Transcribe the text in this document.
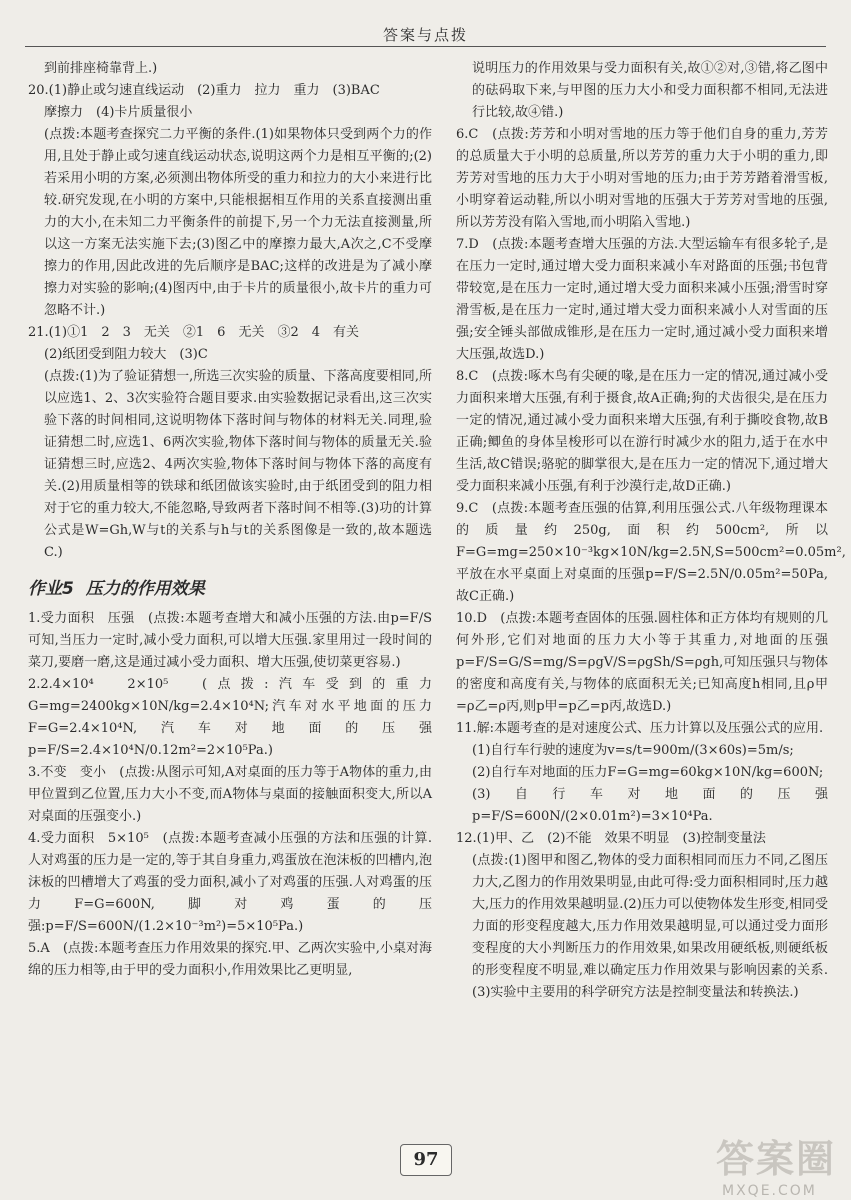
答案与点拨

到前排座椅靠背上.)

20.(1)静止或匀速直线运动　(2)重力　拉力　重力　(3)BAC

摩擦力　(4)卡片质量很小

(点拨:本题考查探究二力平衡的条件.(1)如果物体只受到两个力的作用,且处于静止或匀速直线运动状态,说明这两个力是相互平衡的;(2)若采用小明的方案,必须测出物体所受的重力和拉力的大小来进行比较.研究发现,在小明的方案中,只能根据相互作用的关系直接测出重力的大小,在未知二力平衡条件的前提下,另一个力无法直接测量,所以这一方案无法实施下去;(3)图乙中的摩擦力最大,A次之,C不受摩擦力的作用,因此改进的先后顺序是BAC;这样的改进是为了减小摩擦力对实验的影响;(4)图丙中,由于卡片的质量很小,故卡片的重力可忽略不计.)

21.(1)①1　2　3　无关　②1　6　无关　③2　4　有关

(2)纸团受到阻力较大　(3)C

(点拨:(1)为了验证猜想一,所选三次实验的质量、下落高度要相同,所以应选1、2、3次实验符合题目要求.由实验数据记录看出,这三次实验下落的时间相同,这说明物体下落时间与物体的材料无关.同理,验证猜想二时,应选1、6两次实验,物体下落时间与物体的质量无关.验证猜想三时,应选2、4两次实验,物体下落时间与物体下落的高度有关.(2)用质量相等的铁球和纸团做该实验时,由于纸团受到的阻力相对于它的重力较大,不能忽略,导致两者下落时间不相等.(3)功的计算公式是W=Gh,W与t的关系与h与t的关系图像是一致的,故本题选C.)

作业5 压力的作用效果

1.受力面积　压强　(点拨:本题考查增大和减小压强的方法.由p=F/S可知,当压力一定时,减小受力面积,可以增大压强.家里用过一段时间的菜刀,要磨一磨,这是通过减小受力面积、增大压强,使切菜更容易.)

2.2.4×10⁴　2×10⁵　(点拨:汽车受到的重力G=mg=2400kg×10N/kg=2.4×10⁴N;汽车对水平地面的压力F=G=2.4×10⁴N,汽车对地面的压强p=F/S=2.4×10⁴N/0.12m²=2×10⁵Pa.)

3.不变　变小　(点拨:从图示可知,A对桌面的压力等于A物体的重力,由甲位置到乙位置,压力大小不变,而A物体与桌面的接触面积变大,所以A对桌面的压强变小.)

4.受力面积　5×10⁵　(点拨:本题考查减小压强的方法和压强的计算.人对鸡蛋的压力是一定的,等于其自身重力,鸡蛋放在泡沫板的凹槽内,泡沫板的凹槽增大了鸡蛋的受力面积,减小了对鸡蛋的压强.人对鸡蛋的压力F=G=600N,脚对鸡蛋的压强:p=F/S=600N/(1.2×10⁻³m²)=5×10⁵Pa.)

5.A　(点拨:本题考查压力作用效果的探究.甲、乙两次实验中,小桌对海绵的压力相等,由于甲的受力面积小,作用效果比乙更明显,

说明压力的作用效果与受力面积有关,故①②对,③错,将乙图中的砝码取下来,与甲图的压力大小和受力面积都不相同,无法进行比较,故④错.)

6.C　(点拨:芳芳和小明对雪地的压力等于他们自身的重力,芳芳的总质量大于小明的总质量,所以芳芳的重力大于小明的重力,即芳芳对雪地的压力大于小明对雪地的压力;由于芳芳踏着滑雪板,小明穿着运动鞋,所以小明对雪地的压强大于芳芳对雪地的压强,所以芳芳没有陷入雪地,而小明陷入雪地.)

7.D　(点拨:本题考查增大压强的方法.大型运输车有很多轮子,是在压力一定时,通过增大受力面积来减小车对路面的压强;书包背带较宽,是在压力一定时,通过增大受力面积来减小压强;滑雪时穿滑雪板,是在压力一定时,通过增大受力面积来减小人对雪面的压强;安全锤头部做成锥形,是在压力一定时,通过减小受力面积来增大压强,故选D.)

8.C　(点拨:啄木鸟有尖硬的喙,是在压力一定的情况,通过减小受力面积来增大压强,有利于摄食,故A正确;狗的犬齿很尖,是在压力一定的情况,通过减小受力面积来增大压强,有利于撕咬食物,故B正确;鲫鱼的身体呈梭形可以在游行时减少水的阻力,适于在水中生活,故C错误;骆驼的脚掌很大,是在压力一定的情况下,通过增大受力面积来减小压强,有利于沙漠行走,故D正确.)

9.C　(点拨:本题考查压强的估算,利用压强公式.八年级物理课本的质量约250g,面积约500cm²,所以F=G=mg=250×10⁻³kg×10N/kg=2.5N,S=500cm²=0.05m²,平放在水平桌面上对桌面的压强p=F/S=2.5N/0.05m²=50Pa,故C正确.)

10.D　(点拨:本题考查固体的压强.圆柱体和正方体均有规则的几何外形,它们对地面的压力大小等于其重力,对地面的压强p=F/S=G/S=mg/S=ρgV/S=ρgSh/S=ρgh,可知压强只与物体的密度和高度有关,与物体的底面积无关;已知高度h相同,且ρ甲=ρ乙=ρ丙,则p甲=p乙=p丙,故选D.)

11.解:本题考查的是对速度公式、压力计算以及压强公式的应用.

(1)自行车行驶的速度为v=s/t=900m/(3×60s)=5m/s;

(2)自行车对地面的压力F=G=mg=60kg×10N/kg=600N;

(3)自行车对地面的压强p=F/S=600N/(2×0.01m²)=3×10⁴Pa.

12.(1)甲、乙　(2)不能　效果不明显　(3)控制变量法

(点拨:(1)图甲和图乙,物体的受力面积相同而压力不同,乙图压力大,乙图力的作用效果明显,由此可得:受力面积相同时,压力越大,压力的作用效果越明显.(2)压力可以使物体发生形变,相同受力面的形变程度越大,压力作用效果越明显,可以通过受力面形变程度的大小判断压力的作用效果,如果改用硬纸板,则硬纸板的形变程度不明显,难以确定压力作用效果与影响因素的关系.(3)实验中主要用的科学研究方法是控制变量法和转换法.)

97	答案圈
MXQE.COM
